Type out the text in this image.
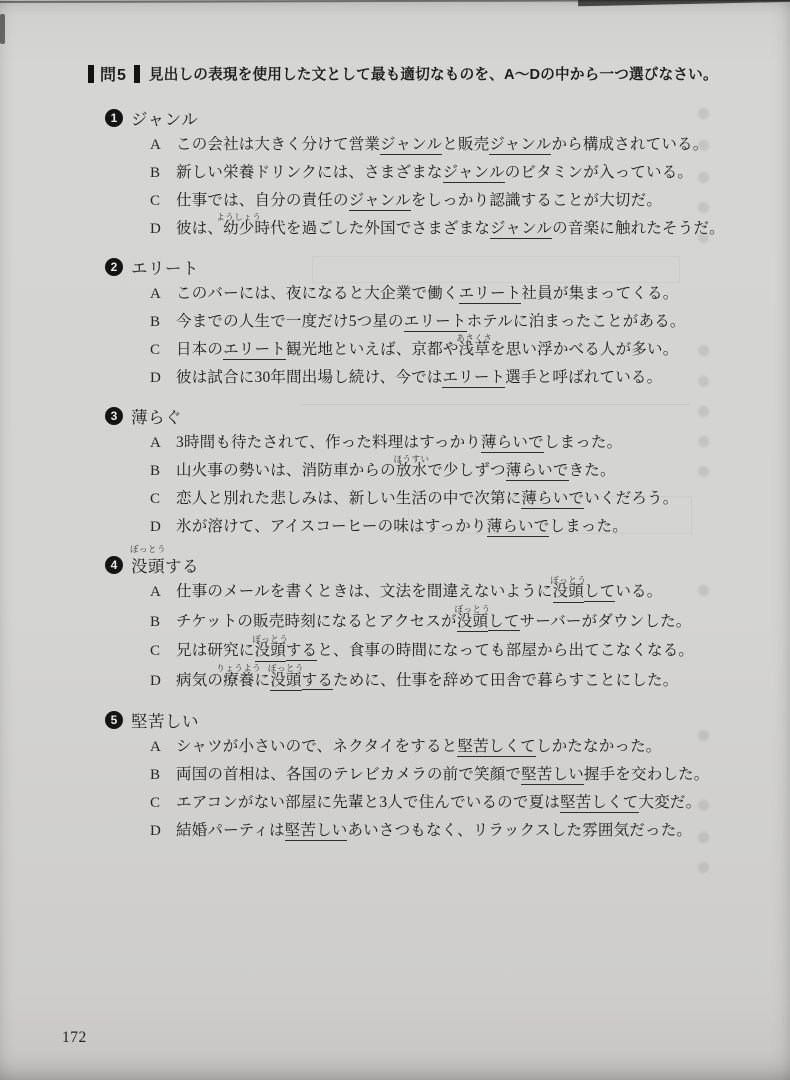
問5 見出しの表現を使用した文として最も適切なものを、A～Dの中から一つ選びなさい。
1 ジャンル
A この会社は大きく分けて営業ジャンルと販売ジャンルから構成されている。
B	新しい栄養ドリンクには、さまざまなジャンルのビタミンが入っている。
C	仕事では、自分の責任のジャンルをしっかり認識することが大切だ。
D 彼は、
ようしょう
幼少時代を過ごした外国でさまざまなジャンルの音楽に触れたそうだ。
2 エリート
A このバーには、夜になると大企業で働くエリート社員が集まってくる。
B	今までの人生で一度だけ5つ星のエリートホテルに泊まったことがある。
C	日本のエリート観光地といえば、京都や
あさくさ
浅草を思い浮かべる人が多い。
D 彼は試合に30年間出場し続け、今ではエリート選手と呼ばれている。
3 薄らぐ
A 3時間も待たされて、作った料理はすっかり薄らいでしまった。
B	山火事の勢いは、消防車からの
ほうすい
放水で少しずつ薄らいできた。
C	恋人と別れた悲しみは、新しい生活の中で次第に薄らいでいくだろう。
D 氷が溶けて、アイスコーヒーの味はすっかり薄らいでしまった。
4
ぼっとう
没頭する
A 仕事のメールを書くときは、文法を間違えないように
ぼっとう
没頭している。
B	チケットの販売時刻になるとアクセスが
ぼっとう
没頭してサーバーがダウンした。
C	兄は研究に
ぼっとう
没頭すると、食事の時間になっても部屋から出てこなくなる。
D 病気の
りょうよう
療養に
ぼっとう
没頭するために、仕事を辞めて田舎で暮らすことにした。
5 堅苦しい
A シャツが小さいので、ネクタイをすると堅苦しくてしかたなかった。
B	両国の首相は、各国のテレビカメラの前で笑顔で堅苦しい握手を交わした。
C	エアコンがない部屋に先輩と3人で住んでいるので夏は堅苦しくて大変だ。
D 結婚パーティは堅苦しいあいさつもなく、リラックスした雰囲気だった。
172
